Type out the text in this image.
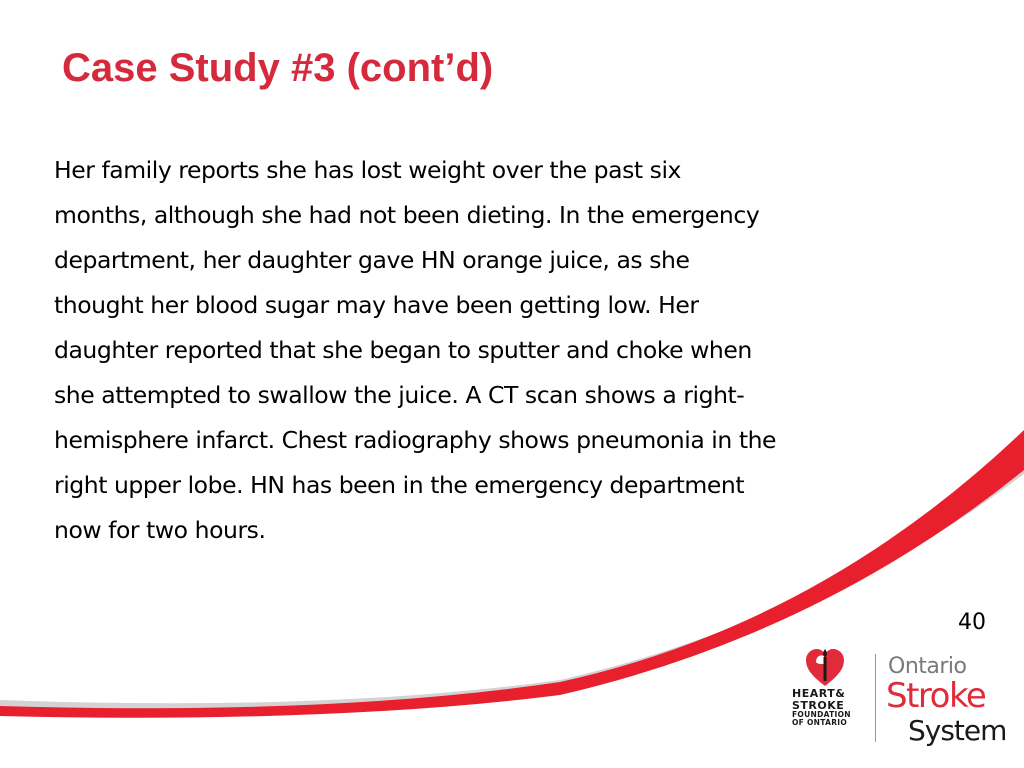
Case Study #3 (cont’d)
Her family reports she has lost weight over the past six
months, although she had not been dieting. In the emergency
department, her daughter gave HN orange juice, as she
thought her blood sugar may have been getting low. Her
daughter reported that she began to sputter and choke when
she attempted to swallow the juice. A CT scan shows a right-
hemisphere infarct. Chest radiography shows pneumonia in the
right upper lobe. HN has been in the emergency department
now for two hours.
40
HEART&
STROKE
FOUNDATION
OF ONTARIO
Ontario
Stroke
System
